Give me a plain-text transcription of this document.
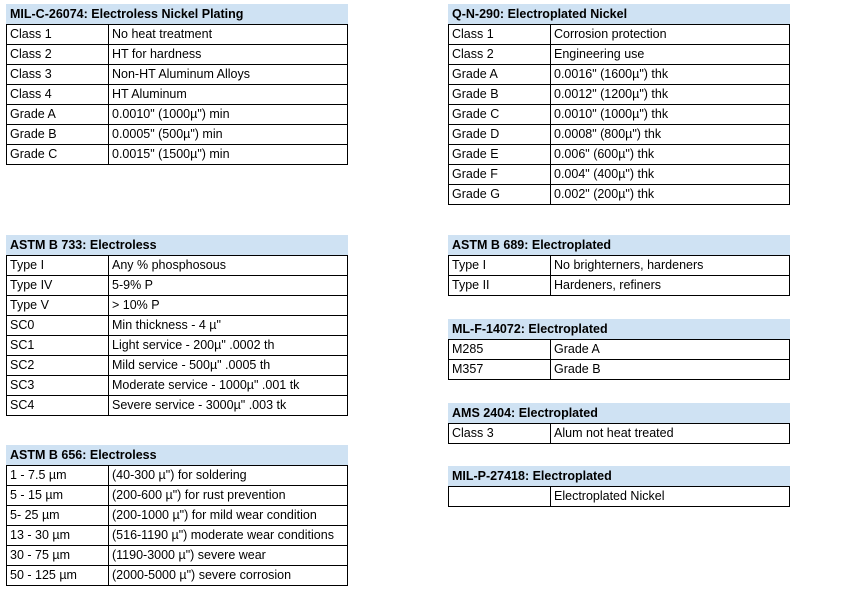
MIL-C-26074: Electroless Nickel Plating
Class 1	No heat treatment
Class 2	HT for hardness
Class 3	Non-HT Aluminum Alloys
Class 4	HT Aluminum
Grade A	0.0010" (1000µ") min
Grade B	0.0005" (500µ") min
Grade C	0.0015" (1500µ") min
ASTM B 733: Electroless
Type I	Any % phosphosous
Type IV	5-9% P
Type V	> 10% P
SC0	Min thickness - 4 µ"
SC1	Light service - 200µ" .0002 th
SC2	Mild service - 500µ" .0005 th
SC3	Moderate service - 1000µ" .001 tk
SC4	Severe service - 3000µ" .003 tk
ASTM B 656: Electroless
1 - 7.5 µm	(40-300 µ") for soldering
5 - 15 µm	(200-600 µ") for rust prevention
5- 25 µm	(200-1000 µ") for mild wear condition
13 - 30 µm	(516-1190 µ") moderate wear conditions
30 - 75 µm	(1190-3000 µ") severe wear
50 - 125 µm	(2000-5000 µ") severe corrosion
Q-N-290: Electroplated Nickel
Class 1	Corrosion protection
Class 2	Engineering use
Grade A	0.0016" (1600µ") thk
Grade B	0.0012" (1200µ") thk
Grade C	0.0010" (1000µ") thk
Grade D	0.0008" (800µ") thk
Grade E	0.006" (600µ") thk
Grade F	0.004" (400µ") thk
Grade G	0.002" (200µ") thk
ASTM B 689: Electroplated
Type I	No brighterners, hardeners
Type II	Hardeners, refiners
ML-F-14072: Electroplated
M285	Grade A
M357	Grade B
AMS 2404: Electroplated
Class 3	Alum not heat treated
MIL-P-27418: Electroplated
	Electroplated Nickel
